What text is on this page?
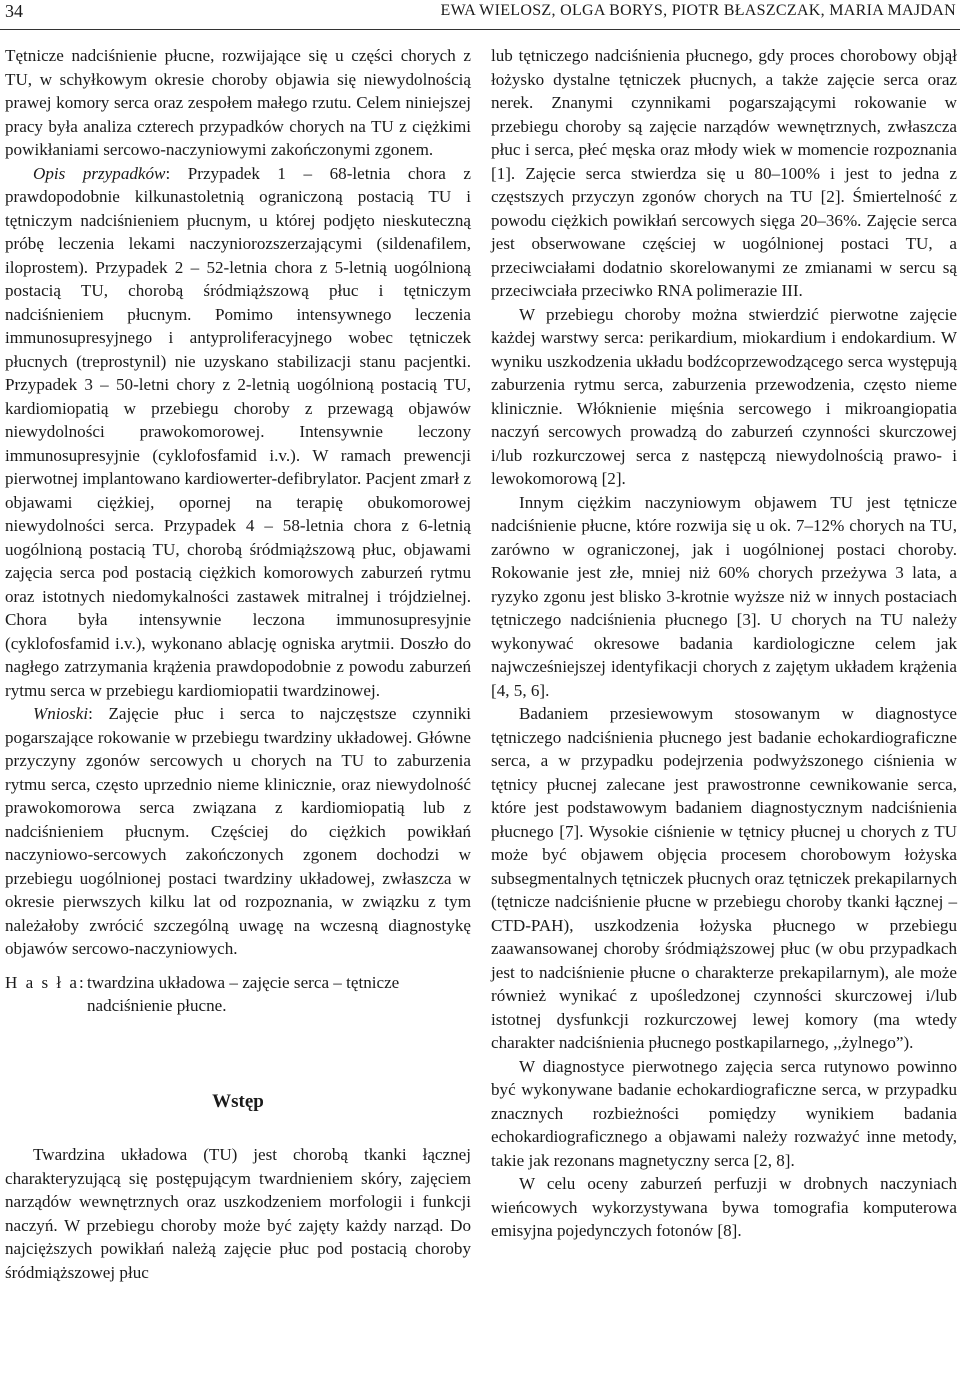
34	EWA WIELOSZ, OLGA BORYS, PIOTR BŁASZCZAK, MARIA MAJDAN

Tętnicze nadciśnienie płucne, rozwijające się u części chorych z TU, w schyłkowym okresie choroby objawia się niewydolnością prawej komory serca oraz zespołem małego rzutu. Celem niniejszej pracy była analiza czterech przypadków chorych na TU z ciężkimi powikłaniami sercowo-naczyniowymi zakończonymi zgonem.

Opis przypadków: Przypadek 1 – 68-letnia chora z prawdopodobnie kilkunastoletnią ograniczoną postacią TU i tętniczym nadciśnieniem płucnym, u której podjęto nieskuteczną próbę leczenia lekami naczyniorozszerzającymi (sildenafilem, iloprostem). Przypadek 2 – 52-letnia chora z 5-letnią uogólnioną postacią TU, chorobą śródmiąższową płuc i tętniczym nadciśnieniem płucnym. Pomimo intensywnego leczenia immunosupresyjnego i antyproliferacyjnego wobec tętniczek płucnych (treprostynil) nie uzyskano stabilizacji stanu pacjentki. Przypadek 3 – 50-letni chory z 2-letnią uogólnioną postacią TU, kardiomiopatią w przebiegu choroby z przewagą objawów niewydolności prawokomorowej. Intensywnie leczony immunosupresyjnie (cyklofosfamid i.v.). W ramach prewencji pierwotnej implantowano kardiowerter-defibrylator. Pacjent zmarł z objawami ciężkiej, opornej na terapię obukomorowej niewydolności serca. Przypadek 4 – 58-letnia chora z 6-letnią uogólnioną postacią TU, chorobą śródmiąższową płuc, objawami zajęcia serca pod postacią ciężkich komorowych zaburzeń rytmu oraz istotnych niedomykalności zastawek mitralnej i trójdzielnej. Chora była intensywnie leczona immunosupresyjnie (cyklofosfamid i.v.), wykonano ablację ogniska arytmii. Doszło do nagłego zatrzymania krążenia prawdopodobnie z powodu zaburzeń rytmu serca w przebiegu kardiomiopatii twardzinowej.

Wnioski: Zajęcie płuc i serca to najczęstsze czynniki pogarszające rokowanie w przebiegu twardziny układowej. Główne przyczyny zgonów sercowych u chorych na TU to zaburzenia rytmu serca, często uprzednio nieme klinicznie, oraz niewydolność prawokomorowa serca związana z kardiomiopatią lub z nadciśnieniem płucnym. Częściej do ciężkich powikłań naczyniowo-sercowych zakończonych zgonem dochodzi w przebiegu uogólnionej postaci twardziny układowej, zwłaszcza w okresie pierwszych kilku lat od rozpoznania, w związku z tym należałoby zwrócić szczególną uwagę na wczesną diagnostykę objawów sercowo-naczyniowych.

H a s ł a: twardzina układowa – zajęcie serca – tętnicze nadciśnienie płucne.
Wstęp

Twardzina układowa (TU) jest chorobą tkanki łącznej charakteryzującą się postępującym twardnieniem skóry, zajęciem narządów wewnętrznych oraz uszkodzeniem morfologii i funkcji naczyń. W przebiegu choroby może być zajęty każdy narząd. Do najcięższych powikłań należą zajęcie płuc pod postacią choroby śródmiąższowej płuc

lub tętniczego nadciśnienia płucnego, gdy proces chorobowy objął łożysko dystalne tętniczek płucnych, a także zajęcie serca oraz nerek. Znanymi czynnikami pogarszającymi rokowanie w przebiegu choroby są zajęcie narządów wewnętrznych, zwłaszcza płuc i serca, płeć męska oraz młody wiek w momencie rozpoznania [1]. Zajęcie serca stwierdza się u 80–100% i jest to jedna z częstszych przyczyn zgonów chorych na TU [2]. Śmiertelność z powodu ciężkich powikłań sercowych sięga 20–36%. Zajęcie serca jest obserwowane częściej w uogólnionej postaci TU, a przeciwciałami dodatnio skorelowanymi ze zmianami w sercu są przeciwciała przeciwko RNA polimerazie III.

W przebiegu choroby można stwierdzić pierwotne zajęcie każdej warstwy serca: perikardium, miokardium i endokardium. W wyniku uszkodzenia układu bodźcoprzewodzącego serca występują zaburzenia rytmu serca, zaburzenia przewodzenia, często nieme klinicznie. Włóknienie mięśnia sercowego i mikroangiopatia naczyń sercowych prowadzą do zaburzeń czynności skurczowej i/lub rozkurczowej serca z następczą niewydolnością prawo- i lewokomorową [2].

Innym ciężkim naczyniowym objawem TU jest tętnicze nadciśnienie płucne, które rozwija się u ok. 7–12% chorych na TU, zarówno w ograniczonej, jak i uogólnionej postaci choroby. Rokowanie jest złe, mniej niż 60% chorych przeżywa 3 lata, a ryzyko zgonu jest blisko 3-krotnie wyższe niż w innych postaciach tętniczego nadciśnienia płucnego [3]. U chorych na TU należy wykonywać okresowe badania kardiologiczne celem jak najwcześniejszej identyfikacji chorych z zajętym układem krążenia [4, 5, 6].

Badaniem przesiewowym stosowanym w diagnostyce tętniczego nadciśnienia płucnego jest badanie echokardiograficzne serca, a w przypadku podejrzenia podwyższonego ciśnienia w tętnicy płucnej zalecane jest prawostronne cewnikowanie serca, które jest podstawowym badaniem diagnostycznym nadciśnienia płucnego [7]. Wysokie ciśnienie w tętnicy płucnej u chorych z TU może być objawem objęcia procesem chorobowym łożyska subsegmentalnych tętniczek płucnych oraz tętniczek prekapilarnych (tętnicze nadciśnienie płucne w przebiegu choroby tkanki łącznej – CTD-PAH), uszkodzenia łożyska płucnego w przebiegu zaawansowanej choroby śródmiąższowej płuc (w obu przypadkach jest to nadciśnienie płucne o charakterze prekapilarnym), ale może również wynikać z upośledzonej czynności skurczowej i/lub istotnej dysfunkcji rozkurczowej lewej komory (ma wtedy charakter nadciśnienia płucnego postkapilarnego, ,,żylnego”).

W diagnostyce pierwotnego zajęcia serca rutynowo powinno być wykonywane badanie echokardiograficzne serca, w przypadku znacznych rozbieżności pomiędzy wynikiem badania echokardiograficznego a objawami należy rozważyć inne metody, takie jak rezonans magnetyczny serca [2, 8].

W celu oceny zaburzeń perfuzji w drobnych naczyniach wieńcowych wykorzystywana bywa tomografia komputerowa emisyjna pojedynczych fotonów [8].
